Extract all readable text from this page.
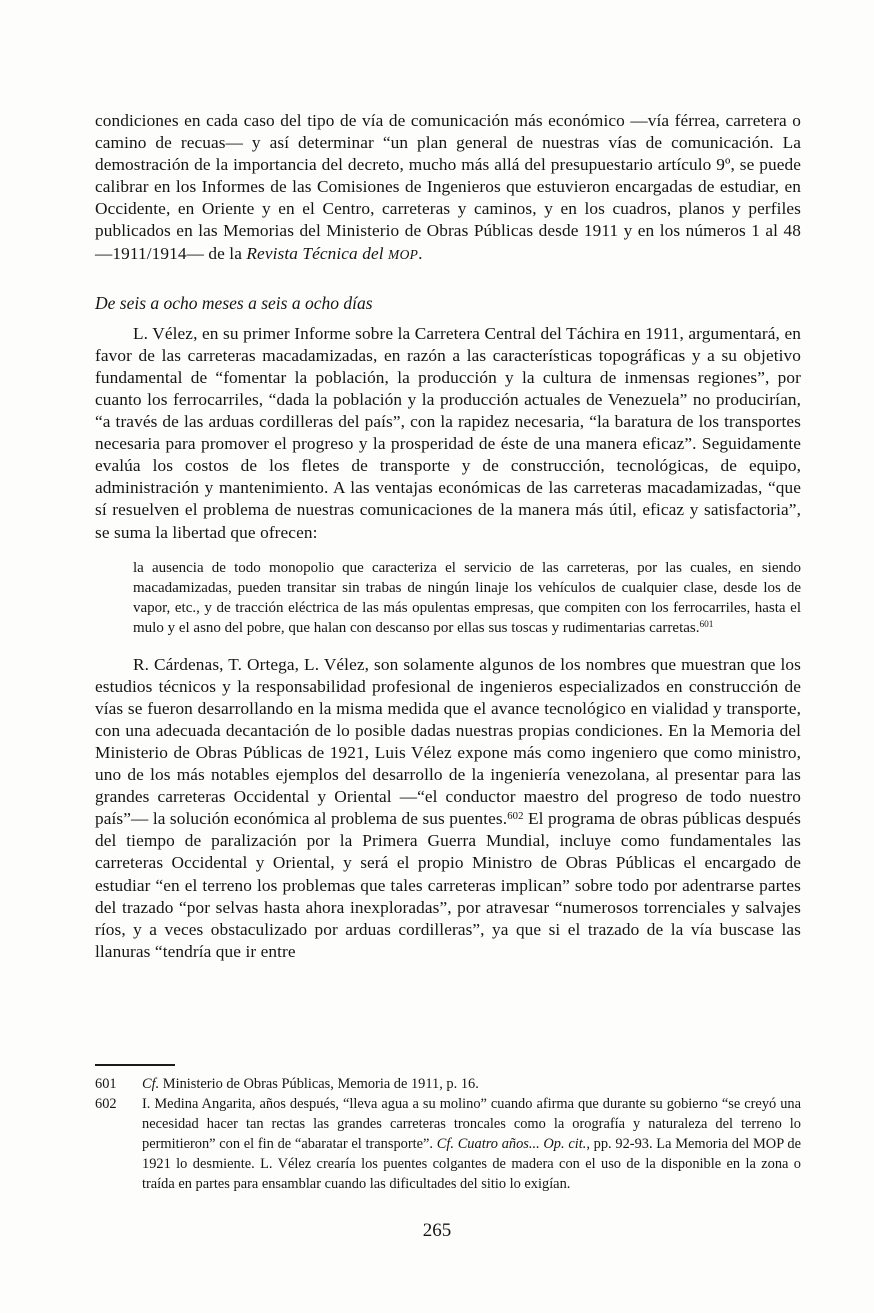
condiciones en cada caso del tipo de vía de comunicación más económico —vía férrea, carretera o camino de recuas— y así determinar “un plan general de nuestras vías de comunicación. La demostración de la importancia del decreto, mucho más allá del presupuestario artículo 9º, se puede calibrar en los Informes de las Comisiones de Ingenieros que estuvieron encargadas de estudiar, en Occidente, en Oriente y en el Centro, carreteras y caminos, y en los cuadros, planos y perfiles publicados en las Memorias del Ministerio de Obras Públicas desde 1911 y en los números 1 al 48 —1911/1914— de la Revista Técnica del MOP.

De seis a ocho meses a seis a ocho días

L. Vélez, en su primer Informe sobre la Carretera Central del Táchira en 1911, argumentará, en favor de las carreteras macadamizadas, en razón a las características topográficas y a su objetivo fundamental de “fomentar la población, la producción y la cultura de inmensas regiones”, por cuanto los ferrocarriles, “dada la población y la producción actuales de Venezuela” no producirían, “a través de las arduas cordilleras del país”, con la rapidez necesaria, “la baratura de los transportes necesaria para promover el progreso y la prosperidad de éste de una manera eficaz”. Seguidamente evalúa los costos de los fletes de transporte y de construcción, tecnológicas, de equipo, administración y mantenimiento. A las ventajas económicas de las carreteras macadamizadas, “que sí resuelven el problema de nuestras comunicaciones de la manera más útil, eficaz y satisfactoria”, se suma la libertad que ofrecen:

la ausencia de todo monopolio que caracteriza el servicio de las carreteras, por las cuales, en siendo macadamizadas, pueden transitar sin trabas de ningún linaje los vehículos de cualquier clase, desde los de vapor, etc., y de tracción eléctrica de las más opulentas empresas, que compiten con los ferrocarriles, hasta el mulo y el asno del pobre, que halan con descanso por ellas sus toscas y rudimentarias carretas.$^{601}$

R. Cárdenas, T. Ortega, L. Vélez, son solamente algunos de los nombres que muestran que los estudios técnicos y la responsabilidad profesional de ingenieros especializados en construcción de vías se fueron desarrollando en la misma medida que el avance tecnológico en vialidad y transporte, con una adecuada decantación de lo posible dadas nuestras propias condiciones. En la Memoria del Ministerio de Obras Públicas de 1921, Luis Vélez expone más como ingeniero que como ministro, uno de los más notables ejemplos del desarrollo de la ingeniería venezolana, al presentar para las grandes carreteras Occidental y Oriental —“el conductor maestro del progreso de todo nuestro país”— la solución económica al problema de sus puentes.$^{602}$ El programa de obras públicas después del tiempo de paralización por la Primera Guerra Mundial, incluye como fundamentales las carreteras Occidental y Oriental, y será el propio Ministro de Obras Públicas el encargado de estudiar “en el terreno los problemas que tales carreteras implican” sobre todo por adentrarse partes del trazado “por selvas hasta ahora inexploradas”, por atravesar “numerosos torrenciales y salvajes ríos, y a veces obstaculizado por arduas cordilleras”, ya que si el trazado de la vía buscase las llanuras “tendría que ir entre

601	Cf. Ministerio de Obras Públicas, Memoria de 1911, p. 16.
602	I. Medina Angarita, años después, “lleva agua a su molino” cuando afirma que durante su gobierno “se creyó una necesidad hacer tan rectas las grandes carreteras troncales como la orografía y naturaleza del terreno lo permitieron” con el fin de “abaratar el transporte”. Cf. Cuatro años... Op. cit., pp. 92-93. La Memoria del MOP de 1921 lo desmiente. L. Vélez crearía los puentes colgantes de madera con el uso de la disponible en la zona o traída en partes para ensamblar cuando las dificultades del sitio lo exigían.
265
